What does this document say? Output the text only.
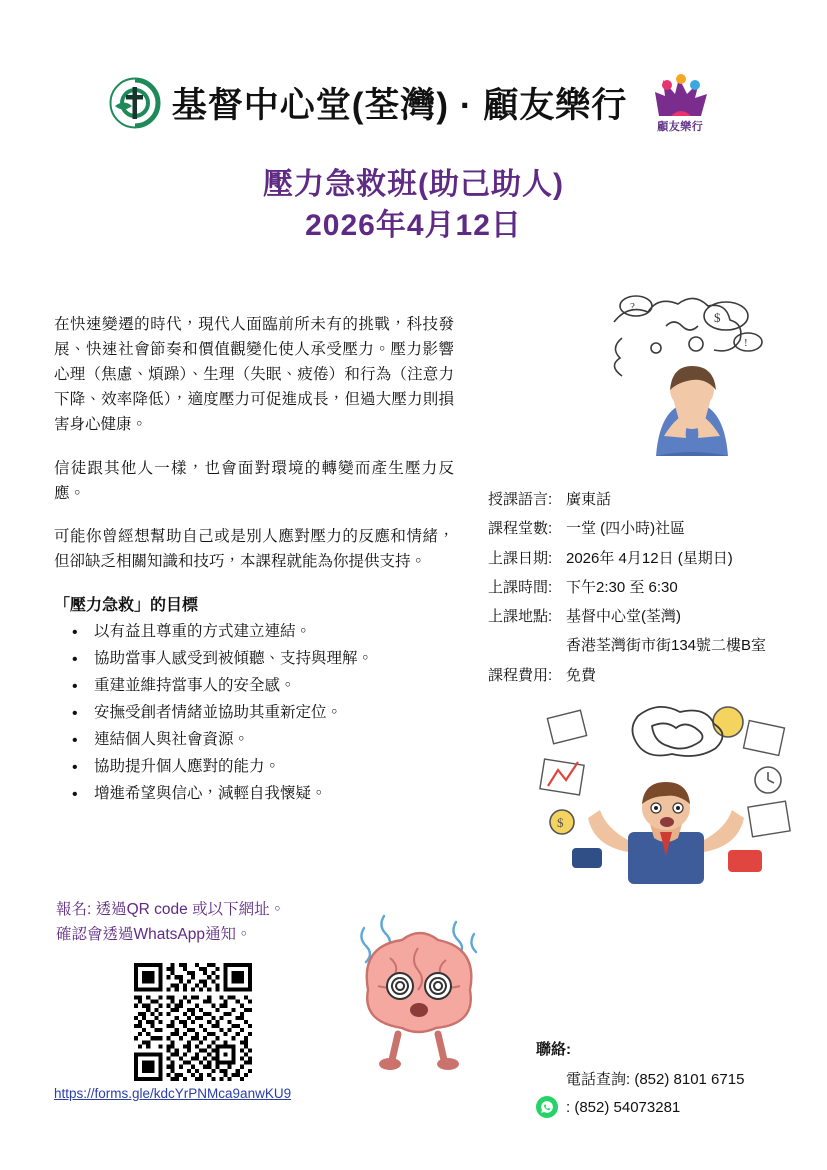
基督中心堂(荃灣) · 顧友樂行
顧友樂行
壓力急救班(助己助人)
2026年4月12日

在快速變遷的時代，現代人面臨前所未有的挑戰，科技發展、快速社會節奏和價值觀變化使人承受壓力。壓力影響心理（焦慮、煩躁）、生理（失眠、疲倦）和行為（注意力下降、效率降低），適度壓力可促進成長，但過大壓力則損害身心健康。

信徒跟其他人一樣，也會面對環境的轉變而產生壓力反應。

可能你曾經想幫助自己或是別人應對壓力的反應和情緒，但卻缺乏相關知識和技巧，本課程就能為你提供支持。

「壓力急救」的目標
• 以有益且尊重的方式建立連結。
• 協助當事人感受到被傾聽、支持與理解。
• 重建並維持當事人的安全感。
• 安撫受創者情緒並協助其重新定位。
• 連結個人與社會資源。
• 協助提升個人應對的能力。
• 增進希望與信心，減輕自我懷疑。
報名: 透過QR code 或以下網址。
確認會透過WhatsApp通知。
https://forms.gle/kdcYrPNMca9anwKU9
授課語言: 廣東話
課程堂數: 一堂 (四小時)社區
上課日期: 2026年 4月12日 (星期日)
上課時間: 下午2:30 至 6:30
上課地點: 基督中心堂(荃灣)
香港荃灣街市街134號二樓B室
課程費用: 免費
聯絡:
電話查詢: (852) 8101 6715
: (852) 54073281
$
!
?
$
